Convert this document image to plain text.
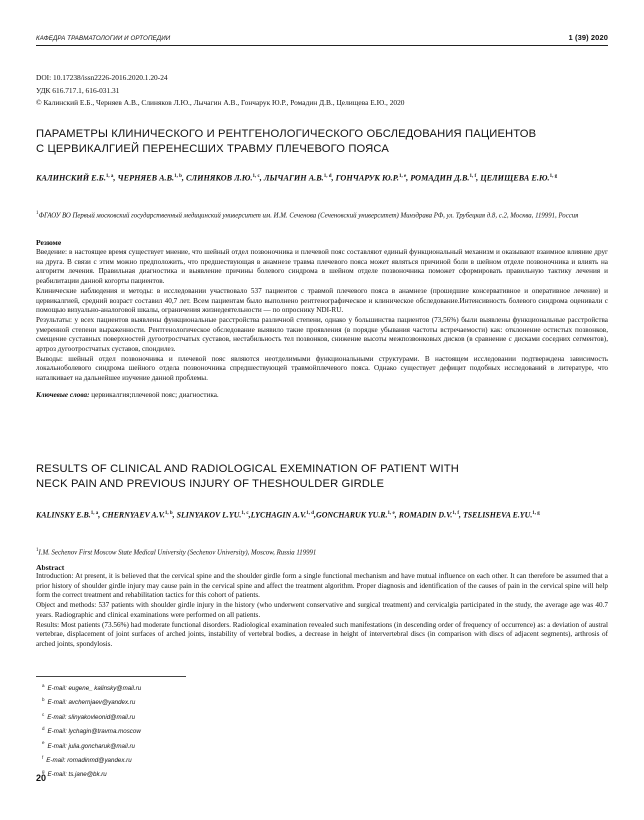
КАФЕДРА ТРАВМАТОЛОГИИ И ОРТОПЕДИИ	1 (39) 2020
DOI: 10.17238/issn2226-2016.2020.1.20-24
УДК 616.717.1, 616-031.31
© Калинский Е.Б., Черняев А.В., Слиняков Л.Ю., Лычагин А.В., Гончарук Ю.Р., Ромадин Д.В., Целищева Е.Ю., 2020
ПАРАМЕТРЫ КЛИНИЧЕСКОГО И РЕНТГЕНОЛОГИЧЕСКОГО ОБСЛЕДОВАНИЯ ПАЦИЕНТОВ
С ЦЕРВИКАЛГИЕЙ ПЕРЕНЕСШИХ ТРАВМУ ПЛЕЧЕВОГО ПОЯСА
КАЛИНСКИЙ Е.Б.$^{1, a}$, ЧЕРНЯЕВ А.В.$^{1, b}$, СЛИНЯКОВ Л.Ю.$^{1, c}$, ЛЫЧАГИН А.В.$^{1, d}$, ГОНЧАРУК Ю.Р.$^{1, e}$, РОМАДИН Д.В.$^{1, f}$, ЦЕЛИЩЕВА Е.Ю.$^{1, g}$
$^1$ФГАОУ ВО Первый московский государственный медицинский университет им. И.М. Сеченова (Сеченовский университет) Минздрава РФ, ул. Трубецкая д.8, с.2, Москва, 119991, Россия
Резюме

Введение: в настоящее время существует мнение, что шейный отдел позвоночника и плечевой пояс составляют единый функциональный механизм и оказывают взаимное влияние друг на друга. В связи с этим можно предположить, что предшествующая в анамнезе травма плечевого пояса может являться причиной боли в шейном отделе позвоночника и влиять на алгоритм лечения. Правильная диагностика и выявление причины болевого синдрома в шейном отделе позвоночника поможет сформировать правильную тактику лечения и реабилитации данной когорты пациентов.

Клинические наблюдения и методы: в исследовании участвовало 537 пациентов с травмой плечевого пояса в анамнезе (прошедшие консервативное и оперативное лечение) и цервикалгией, средний возраст составил 40,7 лет. Всем пациентам было выполнено рентгенографическое и клиническое обследование.Интенсивность болевого синдрома оценивали с помощью визуально-аналоговой шкалы, ограничения жизнедеятельности — по опроснику NDI-RU.

Результаты: у всех пациентов выявлены функциональные расстройства различной степени, однако у большинства пациентов (73,56%) были выявлены функциональные расстройства умеренной степени выраженности. Рентгенологическое обследование выявило такие проявления (в порядке убывания частоты встречаемости) как: отклонение остистых позвонков, смещение суставных поверхностей дугоотростчатых суставов, нестабильность тел позвонков, снижение высоты межпозвонковых дисков (в сравнение с дисками соседних сегментов), артроз дугоотростчатых суставов, спондилез.

Выводы: шейный отдел позвоночника и плечевой пояс являются неотделимыми функциональными структурами. В настоящем исследовании подтверждена зависимость локальноболевого синдрома шейного отдела позвоночника спредшествующей травмойплечевого пояса. Однако существует дефицит подобных исследований в литературе, что наталкивает на дальнейшее изучение данной проблемы.

Ключевые слова: цервикалгия;плечевой пояс; диагностика.
RESULTS OF CLINICAL AND RADIOLOGICAL EXEMINATION OF PATIENT WITH
NECK PAIN AND PREVIOUS INJURY OF THESHOULDER GIRDLE
KALINSKY E.B.$^{1, a}$, CHERNYAEV A.V.$^{1, b}$, SLINYAKOV L.YU.$^{1, c}$,LYCHAGIN A.V.$^{1, d}$,GONCHARUK YU.R.$^{1, e}$, ROMADIN D.V.$^{1, f}$, TSELISHEVA E.YU.$^{1, g}$
$^1$I.M. Sechenov First Moscow State Medical University (Sechenov University), Moscow, Russia 119991
Abstract

Introduction: At present, it is believed that the cervical spine and the shoulder girdle form a single functional mechanism and have mutual influence on each other. It can therefore be assumed that a prior history of shoulder girdle injury may cause pain in the cervical spine and affect the treatment algorithm. Proper diagnosis and identification of the causes of pain in the cervical spine will help form the correct treatment and rehabilitation tactics for this cohort of patients.

Object and methods: 537 patients with shoulder girdle injury in the history (who underwent conservative and surgical treatment) and cervicalgia participated in the study, the average age was 40.7 years. Radiographic and clinical examinations were performed on all patients.

Results: Most patients (73.56%) had moderate functional disorders. Radiological examination revealed such manifestations (in descending order of frequency of occurrence) as: a deviation of austral vertebrae, displacement of joint surfaces of arched joints, instability of vertebral bodies, a decrease in height of intervertebral discs (in comparison with discs of adjacent segments), arthrosis of arched joints, spondylosis.

$^a$ E-mail: eugene_ kalinsky@mail.ru
$^b$ E-mail: avchernjaev@yandex.ru
$^c$ E-mail: slinyakovleonid@mail.ru
$^d$ E-mail: lychagin@travma.moscow
$^e$ E-mail: julia.goncharuk@mail.ru
$^f$ E-mail: romadinmd@yandex.ru
$^g$ E-mail: ts.jane@bk.ru
20
